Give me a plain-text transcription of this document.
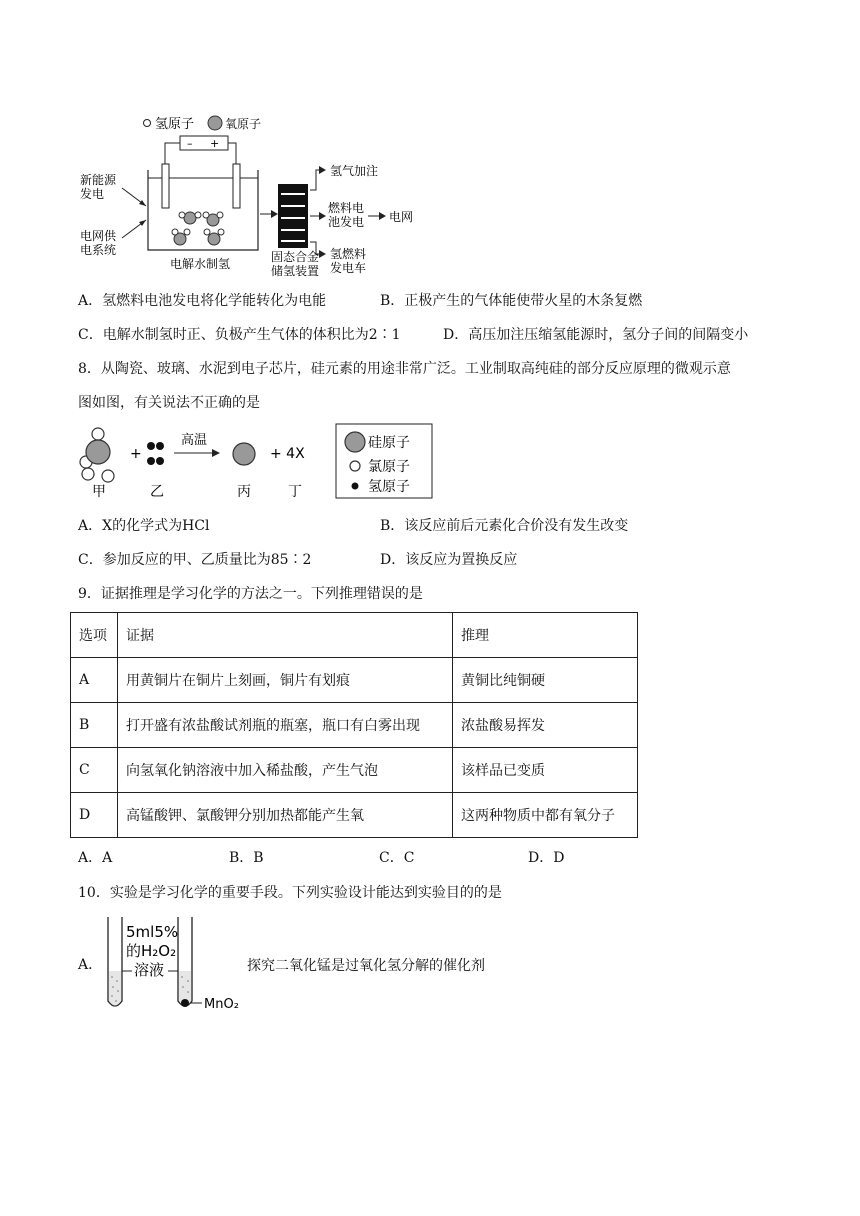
氢原子	氧原子
– +
电解水制氢
新能源
发电
电网供
电系统	固态合金
储氢装置
氢气加注
燃料电
池发电 电网
氢燃料
发电车
A．氢燃料电池发电将化学能转化为电能	B．正极产生的气体能使带火星的木条复燃
C．电解水制氢时正、负极产生气体的体积比为2∶1	D．高压加注压缩氢能源时，氢分子间的间隔变小
8．从陶瓷、玻璃、水泥到电子芯片，硅元素的用途非常广泛。工业制取高纯硅的部分反应原理的微观示意
图如图，有关说法不正确的是
+
高温
+ 4X
甲	乙	丙	丁
硅原子
氯原子
氢原子
A．X的化学式为HCl	B．该反应前后元素化合价没有发生改变
C．参加反应的甲、乙质量比为85∶2	D．该反应为置换反应
9．证据推理是学习化学的方法之一。下列推理错误的是
选项	证据	推理
A	用黄铜片在铜片上刻画，铜片有划痕	黄铜比纯铜硬
B	打开盛有浓盐酸试剂瓶的瓶塞，瓶口有白雾出现	浓盐酸易挥发
C	向氢氧化钠溶液中加入稀盐酸，产生气泡	该样品已变质
D	高锰酸钾、氯酸钾分别加热都能产生氧	这两种物质中都有氧分子
A．A	B．B	C．C	D．D
10．实验是学习化学的重要手段。下列实验设计能达到实验目的的是
A．
5ml5%
的H₂O₂
溶液
MnO₂
探究二氧化锰是过氧化氢分解的催化剂
